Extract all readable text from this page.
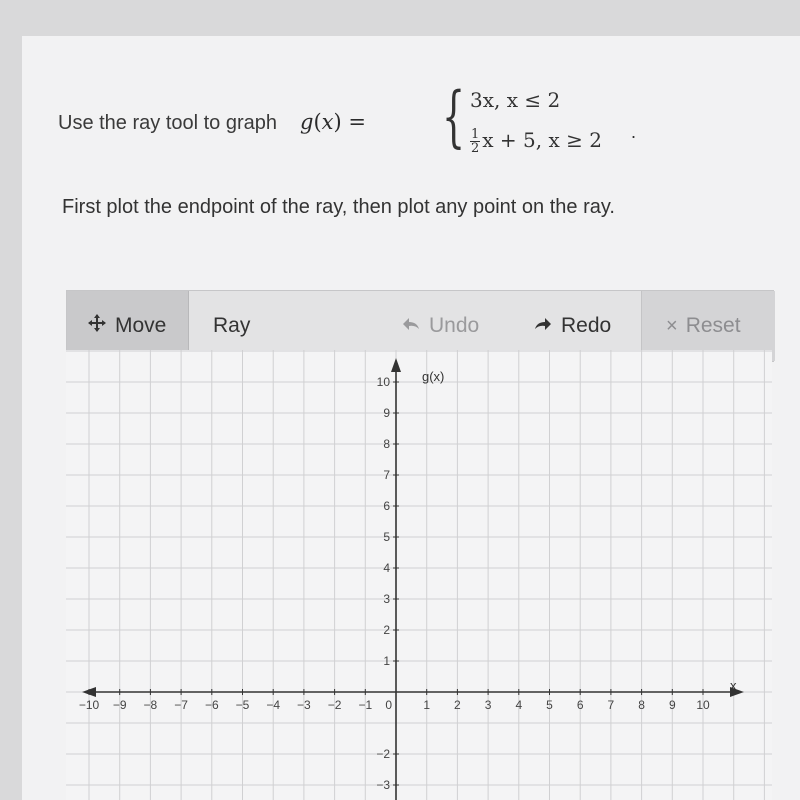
Use the ray tool to graph g(x) = { 3x, x ≤ 2
$\frac{1}{2}$ x + 5, x ≥ 2 .
First plot the endpoint of the ray, then plot any point on the ray.
Move Ray	Undo	Redo	× Reset
−10 −9 −8 −7 −6 −5 −4 −3 −2 −1	1 2 3 4 5 6 7 8 9 10
10
9
8
7
6
5
4
3
2
1
−2
−3
0
x
g(x)
